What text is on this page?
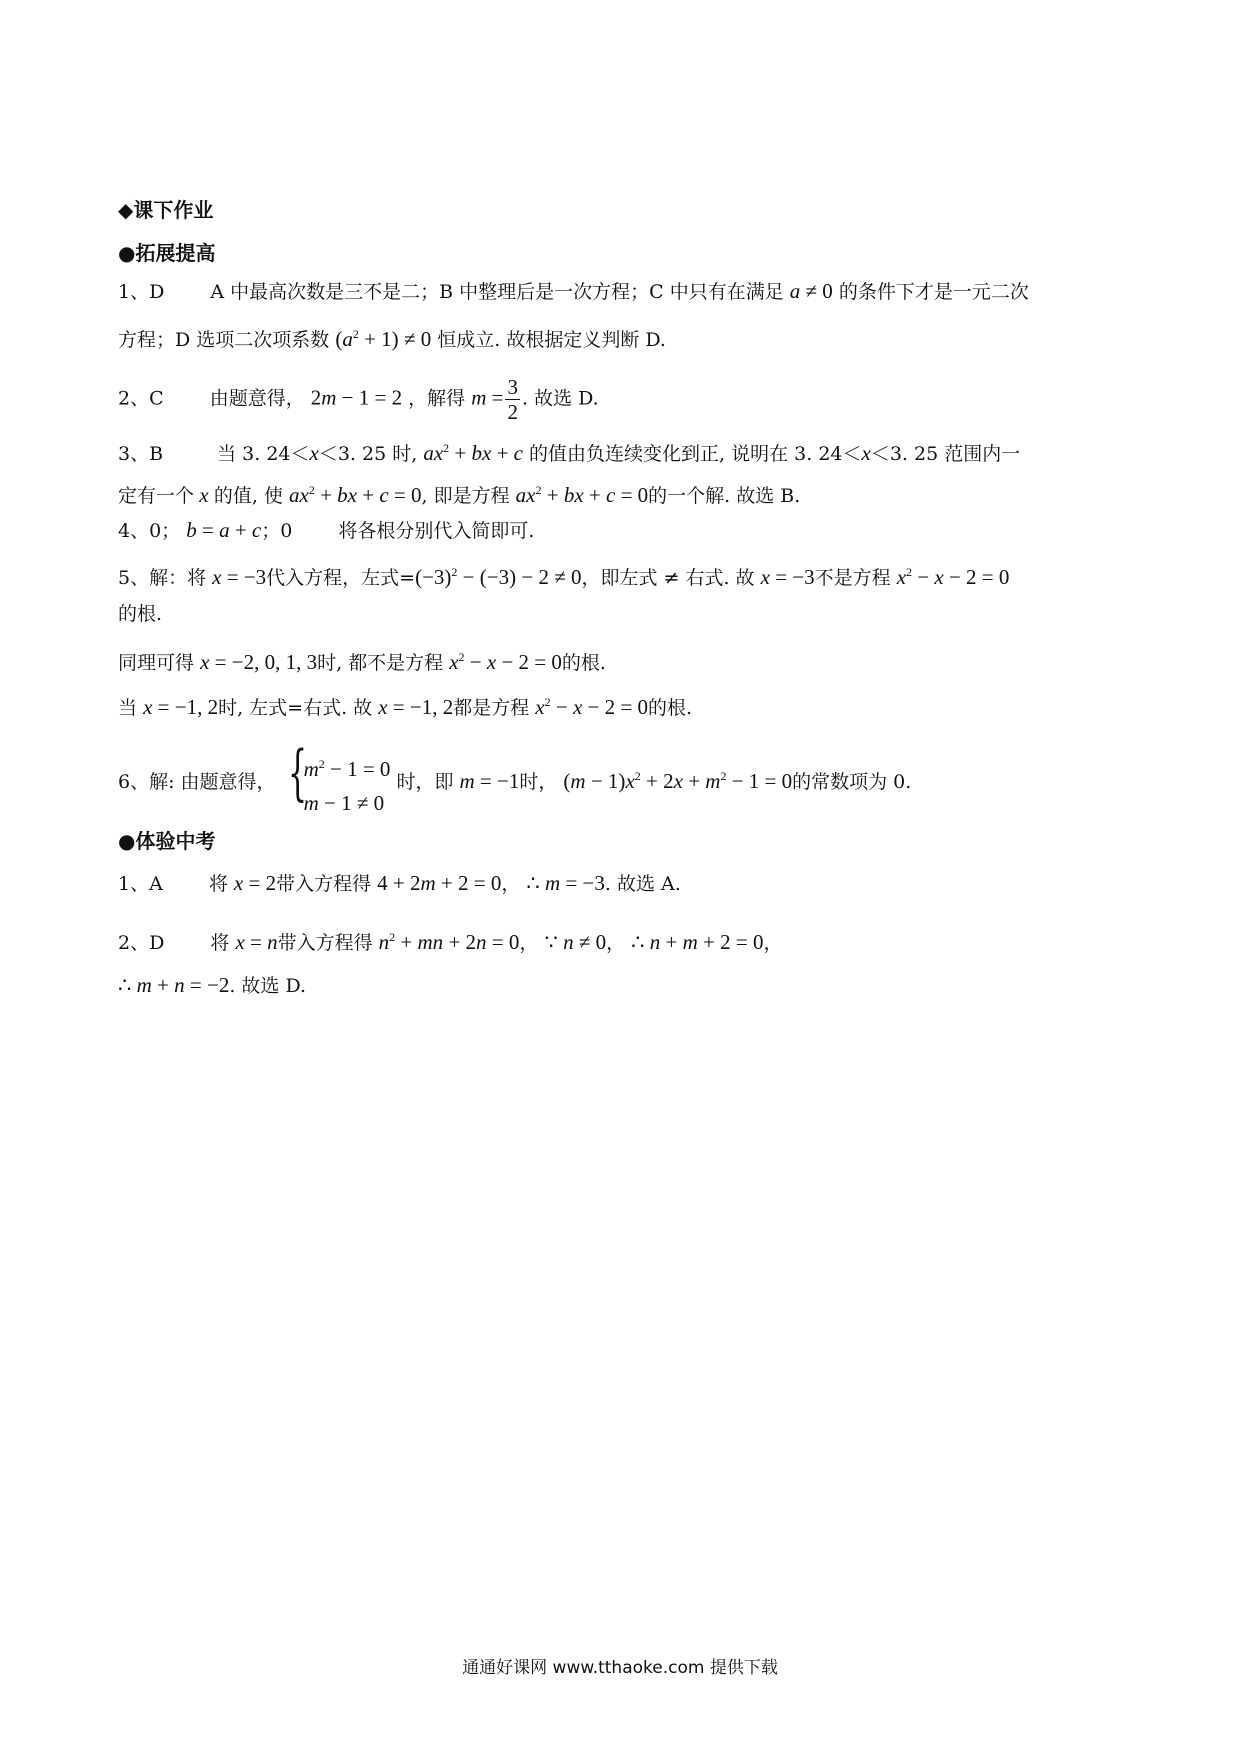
◆课下作业
●拓展提高
1、D A 中最高次数是三不是二；B 中整理后是一次方程；C 中只有在满足 a ≠ 0 的条件下才是一元二次
方程；D 选项二次项系数 $(a^2 + 1) \ne 0$ 恒成立. 故根据定义判断 D.
2、C 由题意得， 2m − 1 = 2 ，解得 $m = \frac{3}{2}$ . 故选 D.
3、B	当 3. 24＜x＜3. 25 时, $ax^2$ + bx + c 的值由负连续变化到正, 说明在 3. 24＜x＜3. 25 范围内一
定有一个 x 的值, 使 $ax^2$ + bx + c = 0, 即是方程 $ax^2$ + bx + c = 0的一个解. 故选 B.
4、0； b = a + c；0 将各根分别代入简即可.
5、解：将 x = −3代入方程，左式$=(-3)^2 - (-3) - 2 \ne 0$，即左式 ≠ 右式. 故 x = −3不是方程 $x^2 - x - 2 = 0$
的根.
同理可得 x = −2, 0, 1, 3时, 都不是方程 $x^2 - x - 2 = 0$的根.
当 x = −1, 2时, 左式=右式. 故 x = −1, 2都是方程 $x^2 - x - 2 = 0$的根.
6、解: 由题意得， {
$m^2 - 1 = 0$
m − 1 ≠ 0
时，即 m = −1时， $(m - 1)x^2 + 2x + m^2 - 1 = 0$的常数项为 0.
●体验中考
1、A 将 x = 2带入方程得 4 + 2m + 2 = 0， ∴ m = −3. 故选 A.
2、D 将 x = n带入方程得 $n^2$ + mn + 2n = 0， ∵ n ≠ 0， ∴ n + m + 2 = 0，
∴ m + n = −2. 故选 D.
通通好课网 www.tthaoke.com 提供下载
